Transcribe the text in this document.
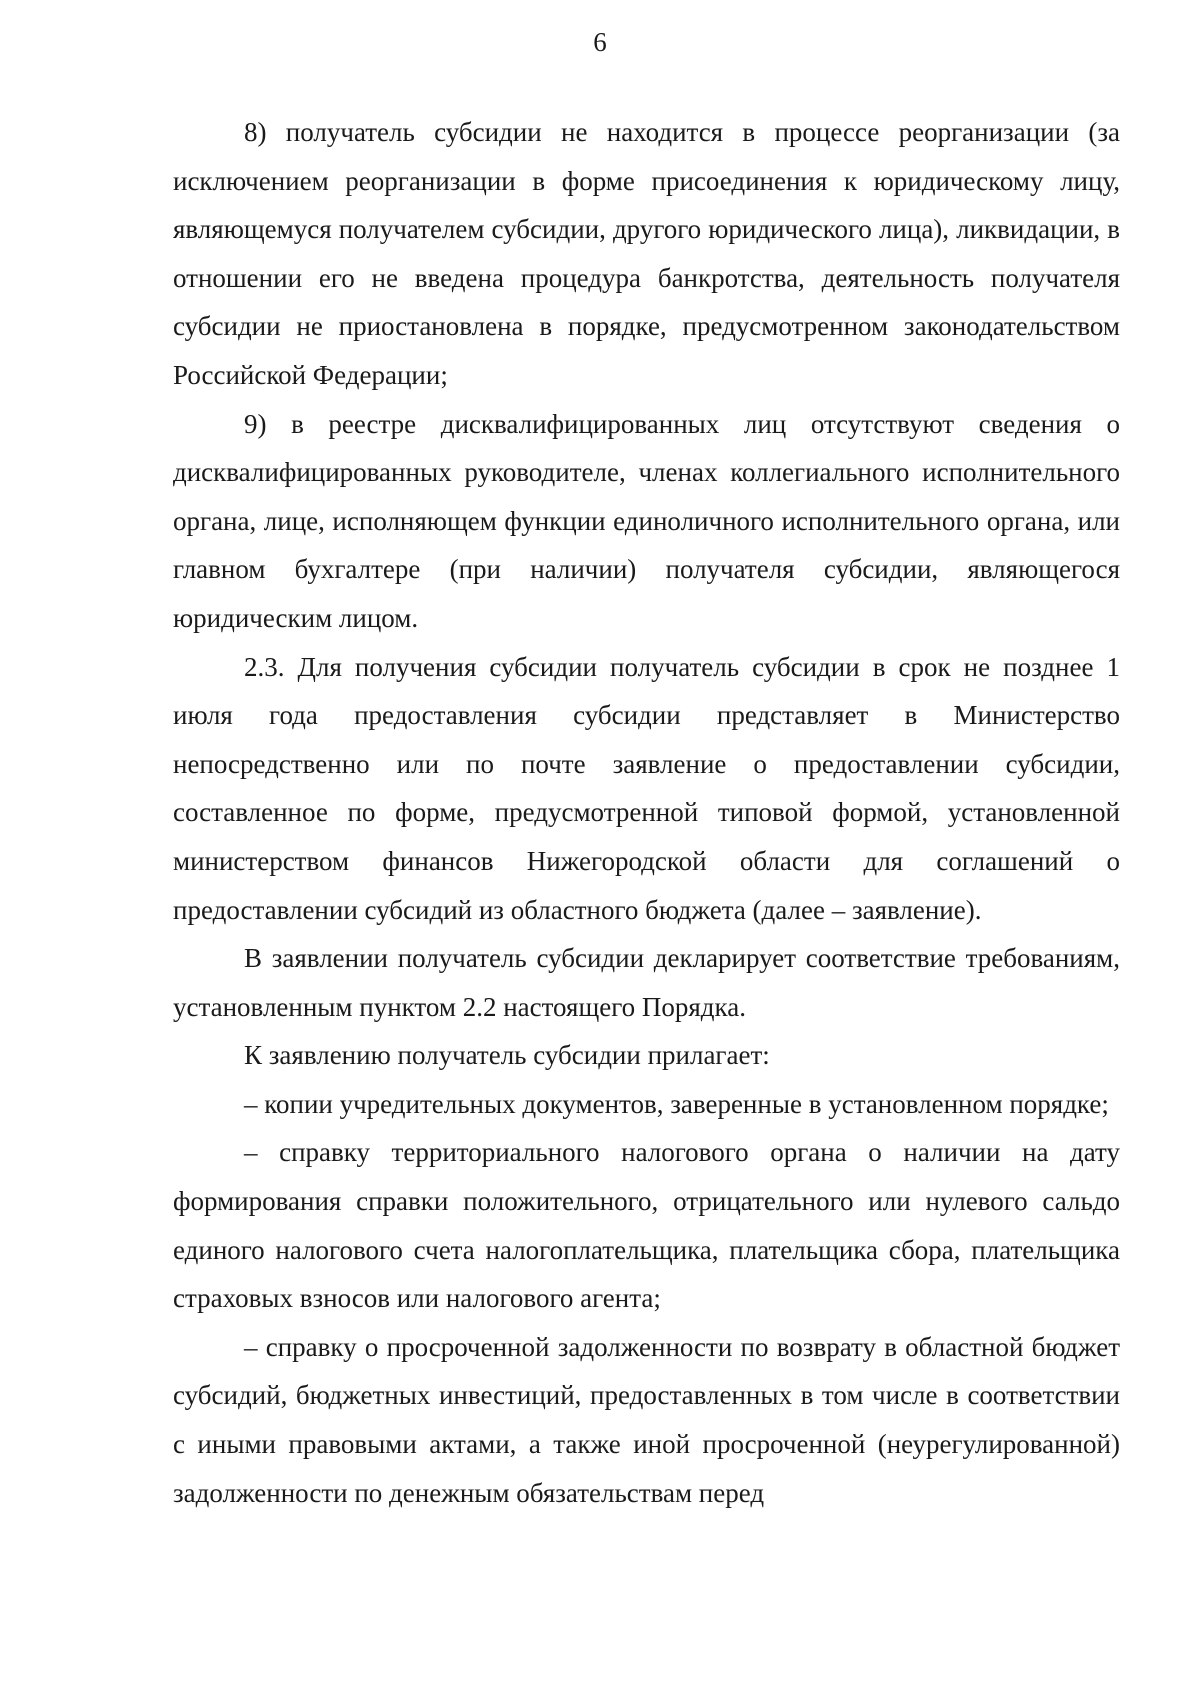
6

8) получатель субсидии не находится в процессе реорганизации (за исключением реорганизации в форме присоединения к юридическому лицу, являющемуся получателем субсидии, другого юридического лица), ликвидации, в отношении его не введена процедура банкротства, деятельность получателя субсидии не приостановлена в порядке, предусмотренном законодательством Российской Федерации;

9) в реестре дисквалифицированных лиц отсутствуют сведения о дисквалифицированных руководителе, членах коллегиального исполнительного органа, лице, исполняющем функции единоличного исполнительного органа, или главном бухгалтере (при наличии) получателя субсидии, являющегося юридическим лицом.

2.3. Для получения субсидии получатель субсидии в срок не позднее 1 июля года предоставления субсидии представляет в Министерство непосредственно или по почте заявление о предоставлении субсидии, составленное по форме, предусмотренной типовой формой, установленной министерством финансов Нижегородской области для соглашений о предоставлении субсидий из областного бюджета (далее – заявление).

В заявлении получатель субсидии декларирует соответствие требованиям, установленным пунктом 2.2 настоящего Порядка.

К заявлению получатель субсидии прилагает:

– копии учредительных документов, заверенные в установленном порядке;

– справку территориального налогового органа о наличии на дату формирования справки положительного, отрицательного или нулевого сальдо единого налогового счета налогоплательщика, плательщика сбора, плательщика страховых взносов или налогового агента;

– справку о просроченной задолженности по возврату в областной бюджет субсидий, бюджетных инвестиций, предоставленных в том числе в соответствии с иными правовыми актами, а также иной просроченной (неурегулированной) задолженности по денежным обязательствам перед
